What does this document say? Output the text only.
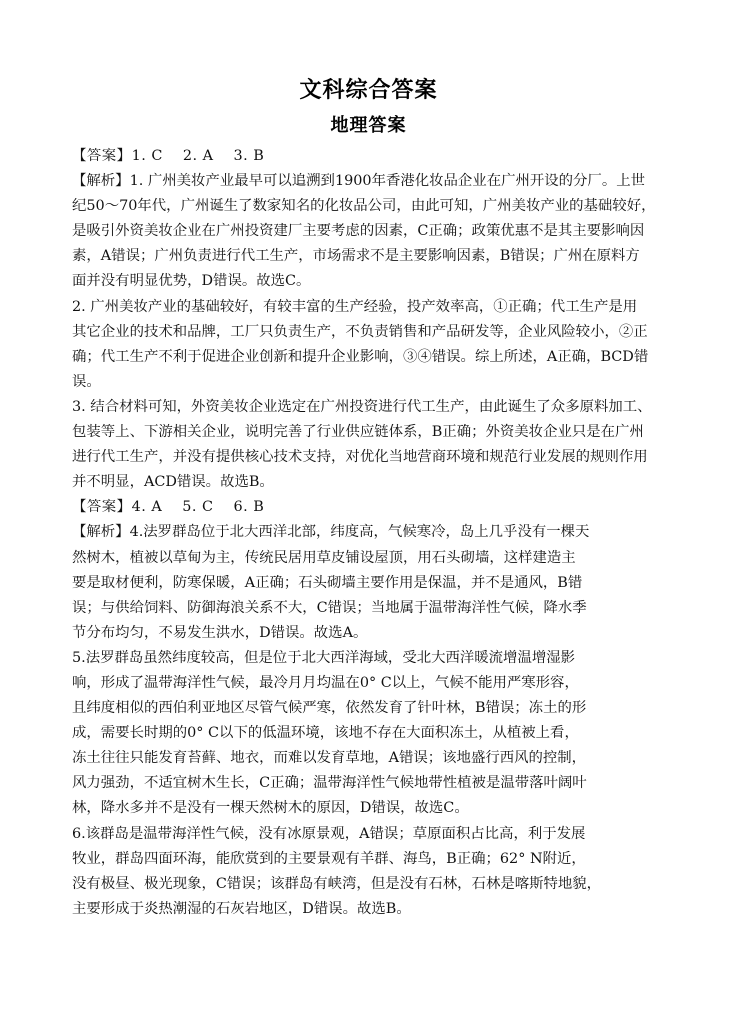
文科综合答案
地理答案
【答案】1. C　 2. A　 3. B
【解析】1. 广州美妆产业最早可以追溯到1900年香港化妆品企业在广州开设的分厂。上世
纪50～70年代，广州诞生了数家知名的化妆品公司，由此可知，广州美妆产业的基础较好，
是吸引外资美妆企业在广州投资建厂主要考虑的因素，C正确；政策优惠不是其主要影响因
素，A错误；广州负责进行代工生产，市场需求不是主要影响因素，B错误；广州在原料方
面并没有明显优势，D错误。故选C。
2. 广州美妆产业的基础较好，有较丰富的生产经验，投产效率高，①正确；代工生产是用
其它企业的技术和品牌，工厂只负责生产，不负责销售和产品研发等，企业风险较小，②正
确；代工生产不利于促进企业创新和提升企业影响，③④错误。综上所述，A正确，BCD错
误。
3. 结合材料可知，外资美妆企业选定在广州投资进行代工生产，由此诞生了众多原料加工、
包装等上、下游相关企业，说明完善了行业供应链体系，B正确；外资美妆企业只是在广州
进行代工生产，并没有提供核心技术支持，对优化当地营商环境和规范行业发展的规则作用
并不明显，ACD错误。故选B。
【答案】4. A　 5. C　 6. B
【解析】4.法罗群岛位于北大西洋北部，纬度高，气候寒冷，岛上几乎没有一棵天
然树木，植被以草甸为主，传统民居用草皮铺设屋顶，用石头砌墙，这样建造主
要是取材便利，防寒保暖，A正确；石头砌墙主要作用是保温，并不是通风，B错
误；与供给饲料、防御海浪关系不大，C错误；当地属于温带海洋性气候，降水季
节分布均匀，不易发生洪水，D错误。故选A。
5.法罗群岛虽然纬度较高，但是位于北大西洋海域，受北大西洋暖流增温增湿影
响，形成了温带海洋性气候，最冷月月均温在0° C以上，气候不能用严寒形容，
且纬度相似的西伯利亚地区尽管气候严寒，依然发育了针叶林，B错误；冻土的形
成，需要长时期的0° C以下的低温环境，该地不存在大面积冻土，从植被上看，
冻土往往只能发育苔藓、地衣，而难以发育草地，A错误；该地盛行西风的控制，
风力强劲，不适宜树木生长，C正确；温带海洋性气候地带性植被是温带落叶阔叶
林，降水多并不是没有一棵天然树木的原因，D错误，故选C。
6.该群岛是温带海洋性气候，没有冰原景观，A错误；草原面积占比高，利于发展
牧业，群岛四面环海，能欣赏到的主要景观有羊群、海鸟，B正确；62° N附近，
没有极昼、极光现象，C错误；该群岛有峡湾，但是没有石林，石林是喀斯特地貌，
主要形成于炎热潮湿的石灰岩地区，D错误。故选B。
